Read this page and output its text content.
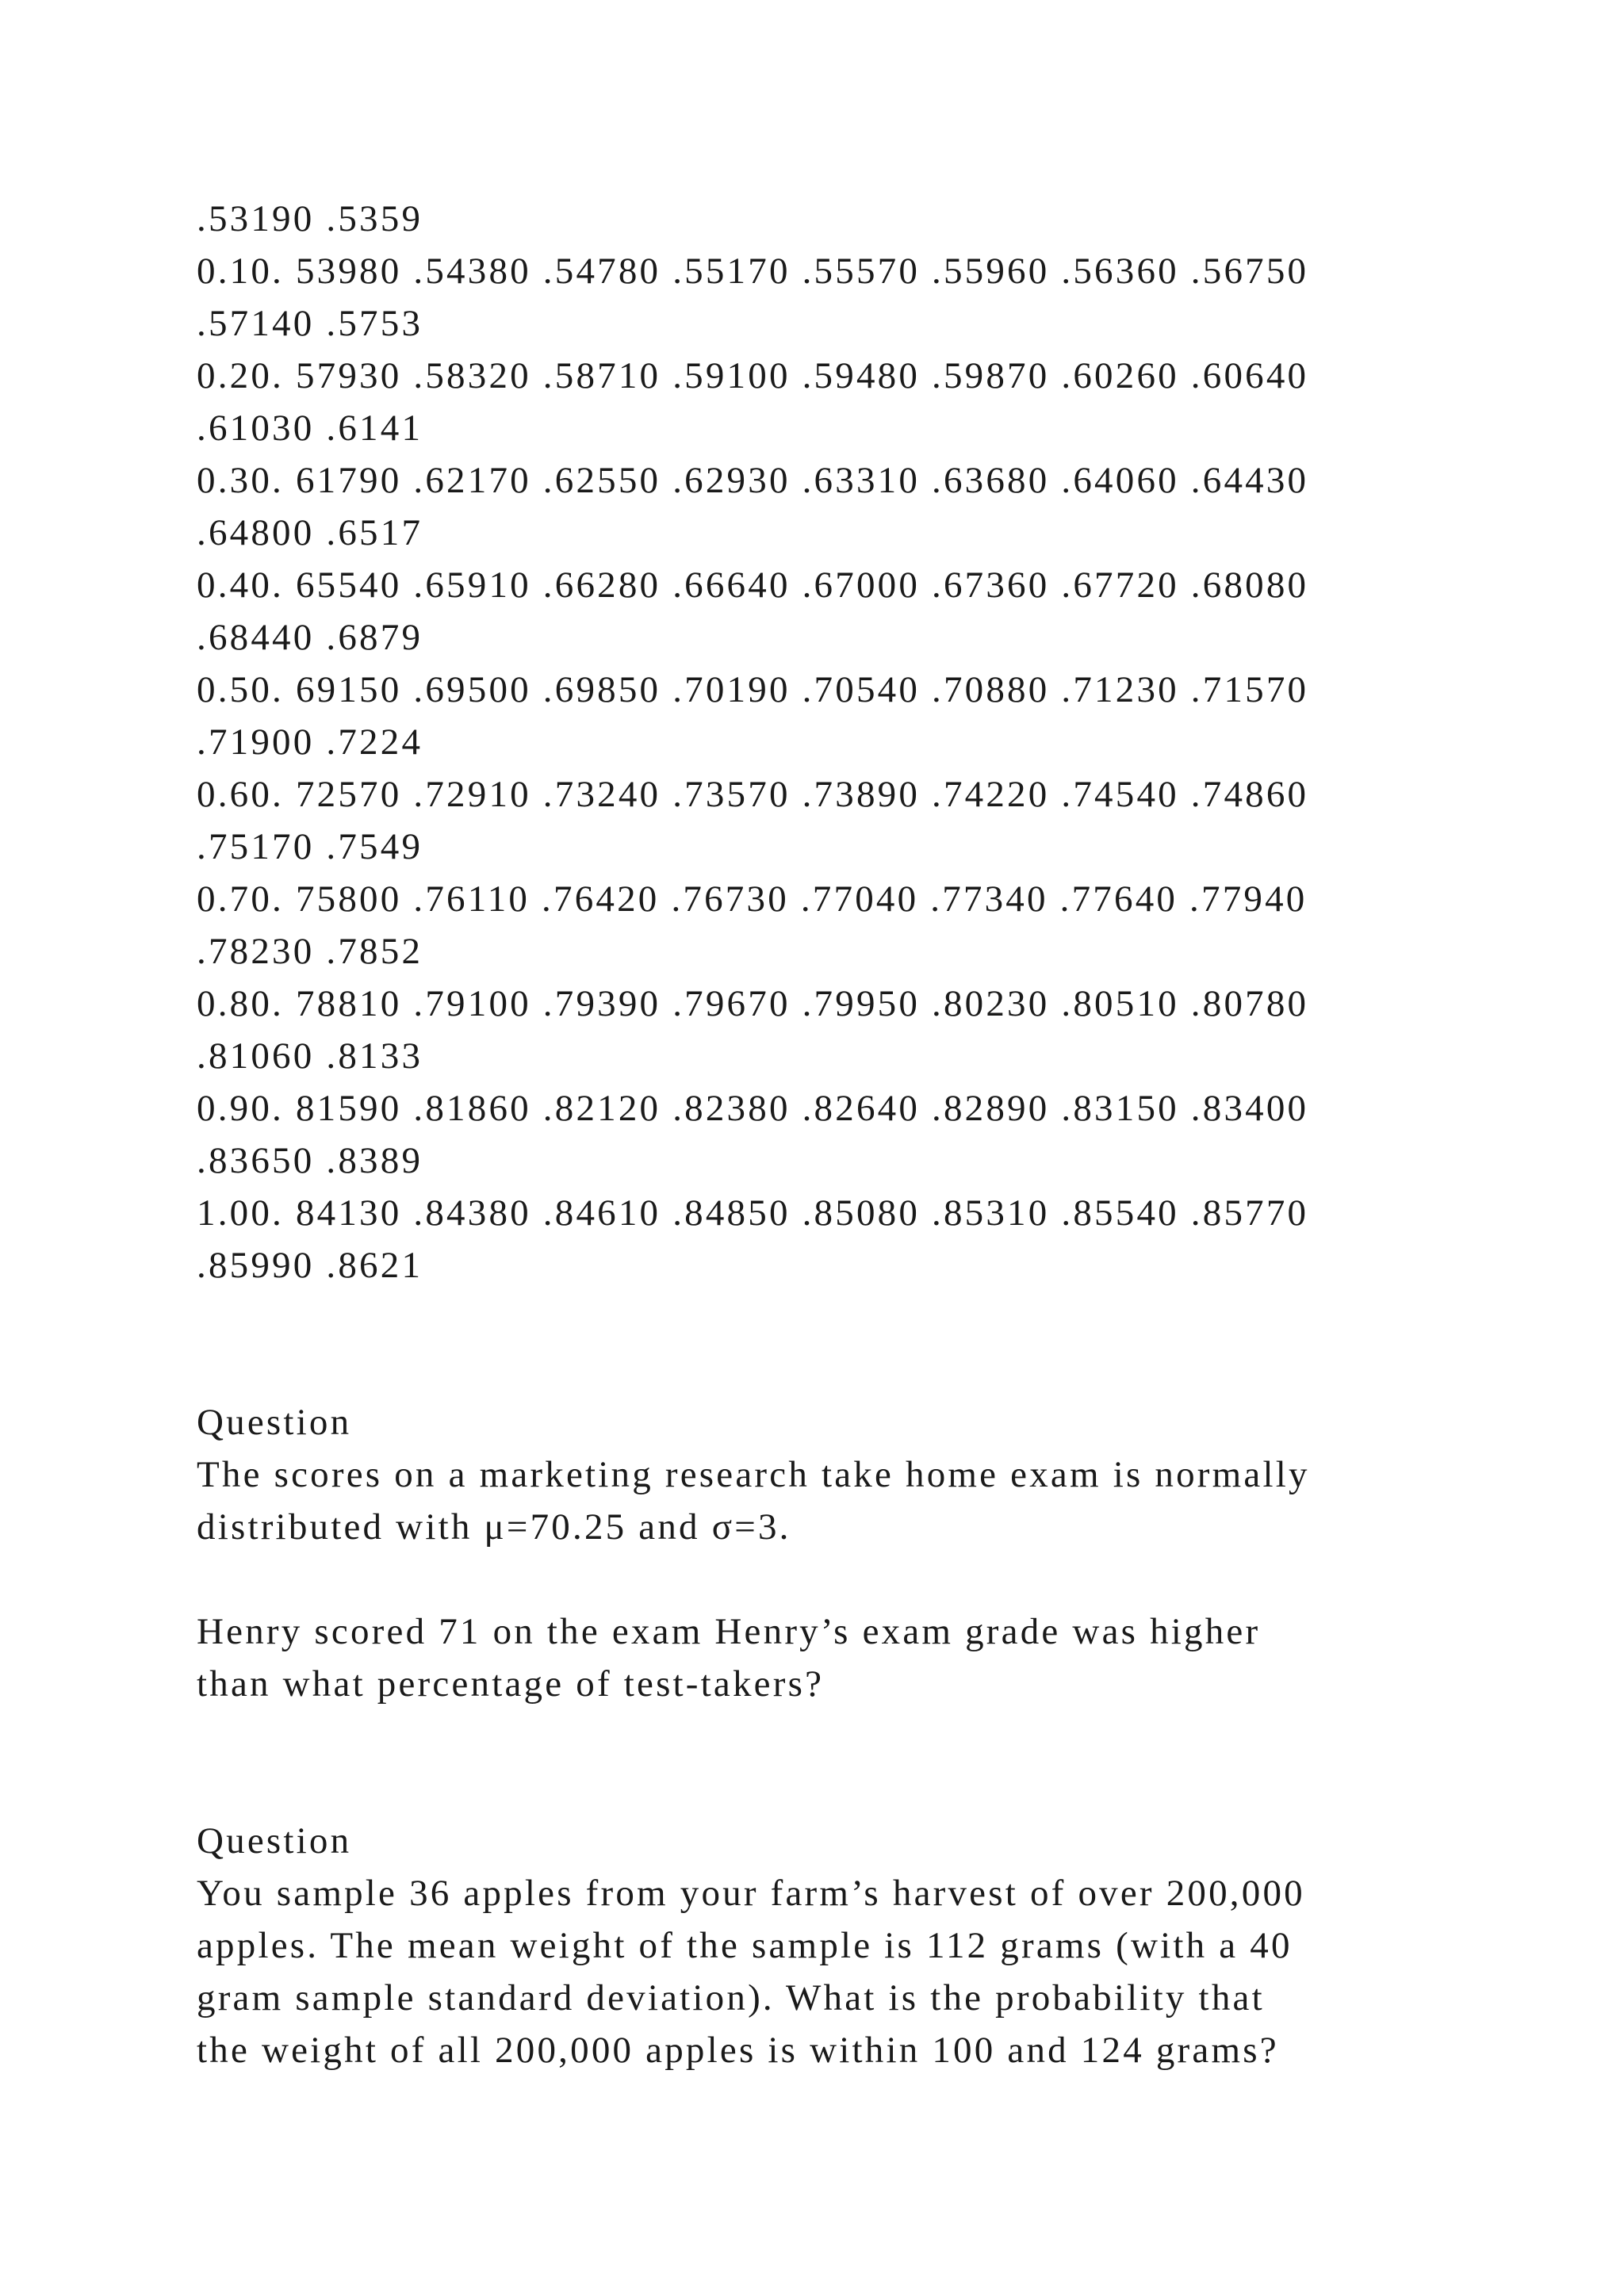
.53190 .5359
0.10. 53980 .54380 .54780 .55170 .55570 .55960 .56360 .56750
.57140 .5753
0.20. 57930 .58320 .58710 .59100 .59480 .59870 .60260 .60640
.61030 .6141
0.30. 61790 .62170 .62550 .62930 .63310 .63680 .64060 .64430
.64800 .6517
0.40. 65540 .65910 .66280 .66640 .67000 .67360 .67720 .68080
.68440 .6879
0.50. 69150 .69500 .69850 .70190 .70540 .70880 .71230 .71570
.71900 .7224
0.60. 72570 .72910 .73240 .73570 .73890 .74220 .74540 .74860
.75170 .7549
0.70. 75800 .76110 .76420 .76730 .77040 .77340 .77640 .77940
.78230 .7852
0.80. 78810 .79100 .79390 .79670 .79950 .80230 .80510 .80780
.81060 .8133
0.90. 81590 .81860 .82120 .82380 .82640 .82890 .83150 .83400
.83650 .8389
1.00. 84130 .84380 .84610 .84850 .85080 .85310 .85540 .85770
.85990 .8621
Question
The scores on a marketing research take home exam is normally
distributed with μ=70.25 and σ=3.
Henry scored 71 on the exam Henry’s exam grade was higher
than what percentage of test-takers?
Question
You sample 36 apples from your farm’s harvest of over 200,000
apples. The mean weight of the sample is 112 grams (with a 40
gram sample standard deviation). What is the probability that
the weight of all 200,000 apples is within 100 and 124 grams?
